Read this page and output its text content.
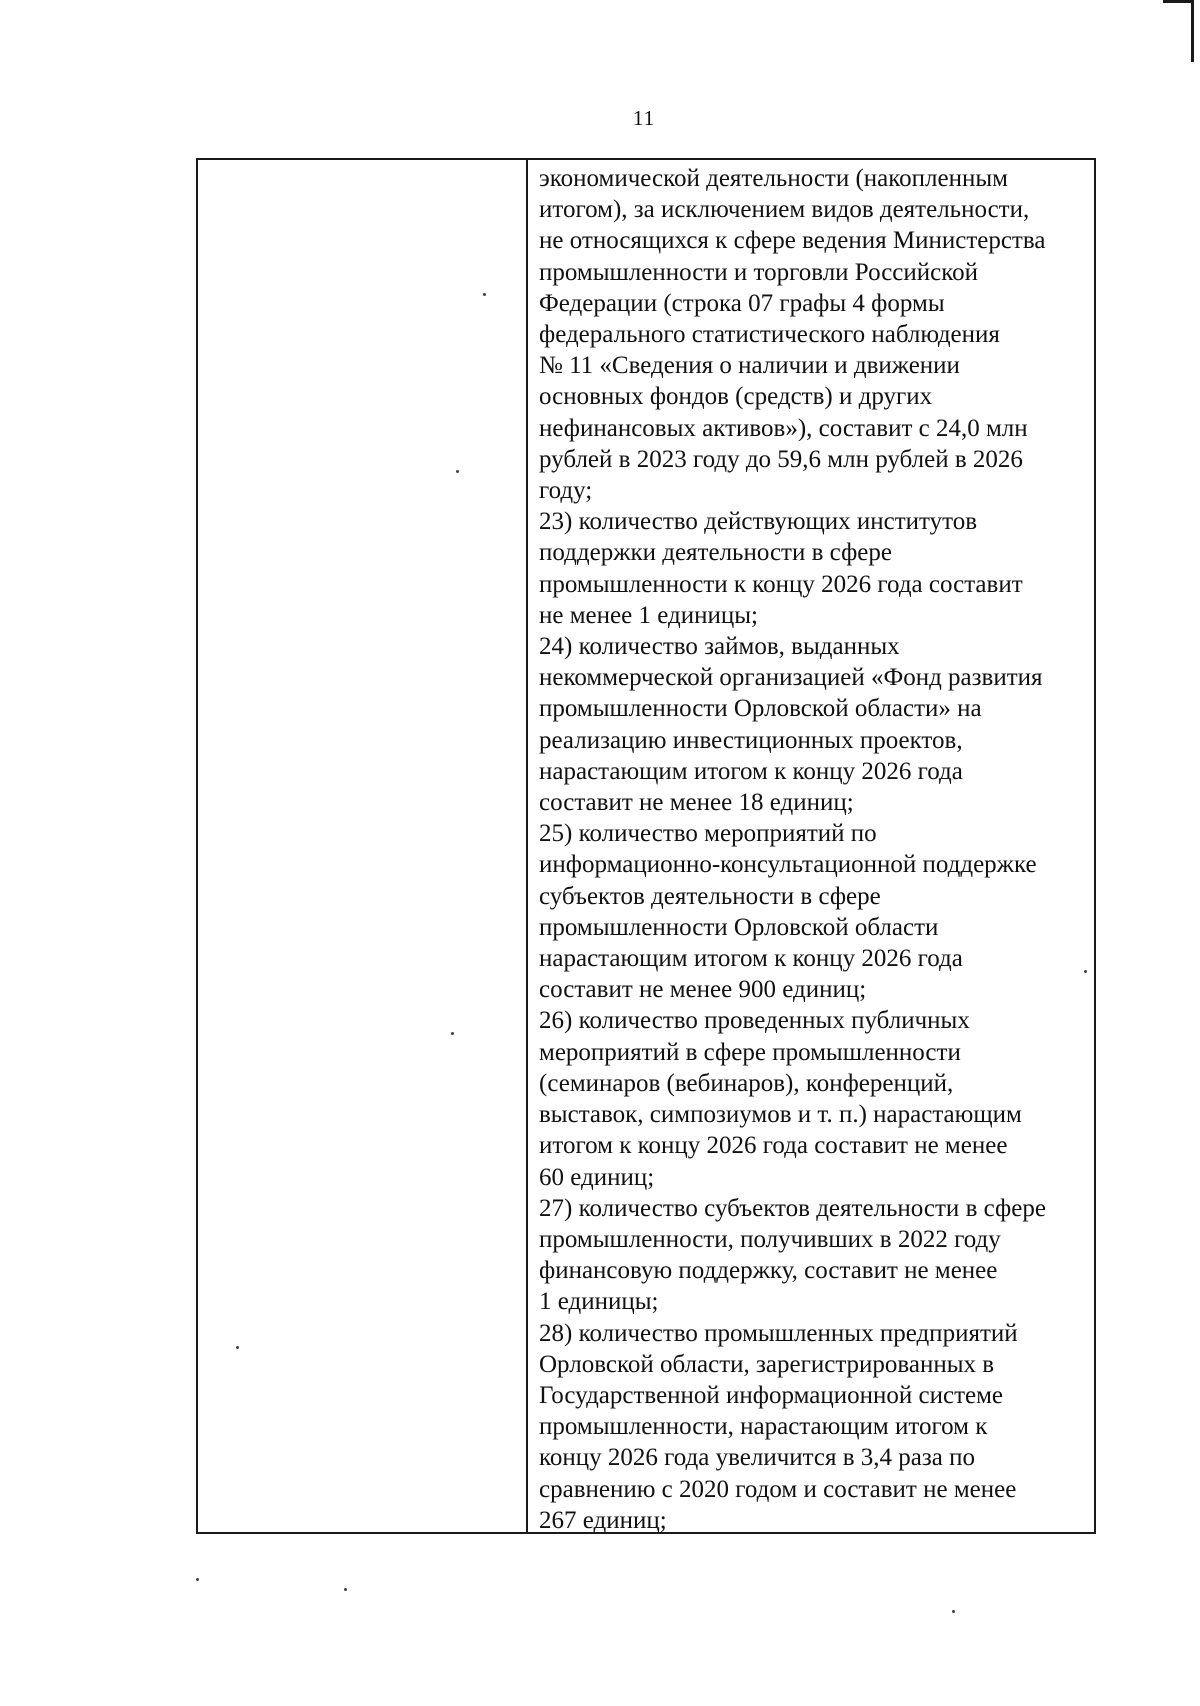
11
экономической деятельности (накопленным
итогом), за исключением видов деятельности,
не относящихся к сфере ведения Министерства
промышленности и торговли Российской
Федерации (строка 07 графы 4 формы
федерального статистического наблюдения
№ 11 «Сведения о наличии и движении
основных фондов (средств) и других
нефинансовых активов»), составит с 24,0 млн
рублей в 2023 году до 59,6 млн рублей в 2026
году;
23) количество действующих институтов
поддержки деятельности в сфере
промышленности к концу 2026 года составит
не менее 1 единицы;
24) количество займов, выданных
некоммерческой организацией «Фонд развития
промышленности Орловской области» на
реализацию инвестиционных проектов,
нарастающим итогом к концу 2026 года
составит не менее 18 единиц;
25) количество мероприятий по
информационно-консультационной поддержке
субъектов деятельности в сфере
промышленности Орловской области
нарастающим итогом к концу 2026 года
составит не менее 900 единиц;
26) количество проведенных публичных
мероприятий в сфере промышленности
(семинаров (вебинаров), конференций,
выставок, симпозиумов и т. п.) нарастающим
итогом к концу 2026 года составит не менее
60 единиц;
27) количество субъектов деятельности в сфере
промышленности, получивших в 2022 году
финансовую поддержку, составит не менее
1 единицы;
28) количество промышленных предприятий
Орловской области, зарегистрированных в
Государственной информационной системе
промышленности, нарастающим итогом к
концу 2026 года увеличится в 3,4 раза по
сравнению с 2020 годом и составит не менее
267 единиц;
